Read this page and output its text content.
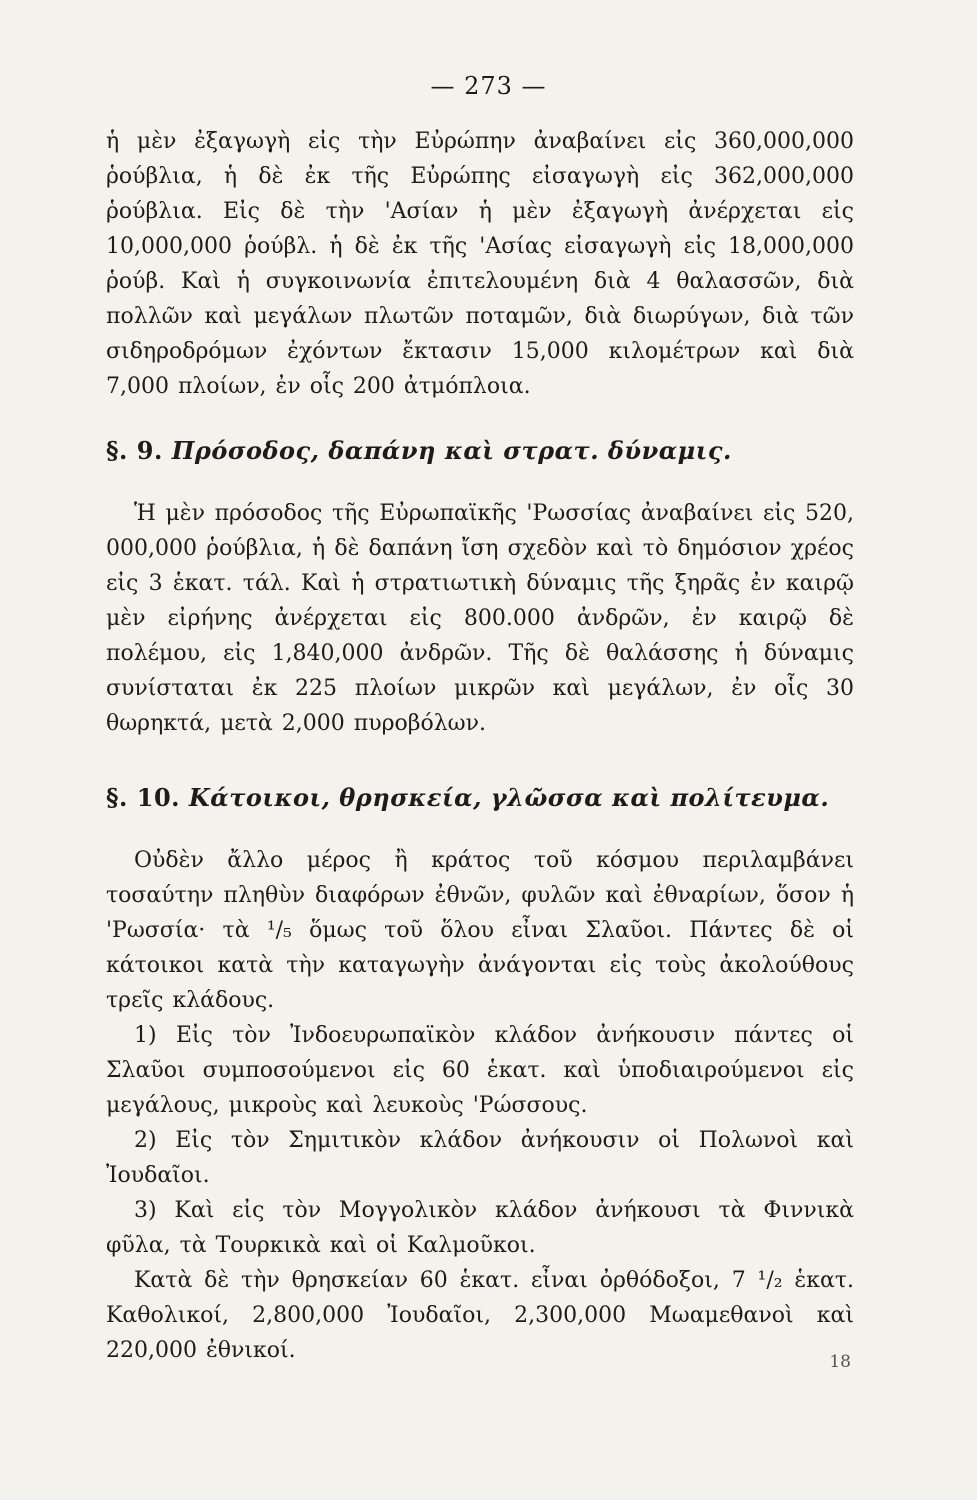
— 273 —

ἡ μὲν ἐξαγωγὴ εἰς τὴν Εὐρώπην ἀναβαίνει εἰς 360,000,000 ῥούβλια, ἡ δὲ ἐκ τῆς Εὐρώπης εἰσαγωγὴ εἰς 362,000,000 ῥούβλια. Εἰς δὲ τὴν 'Ασίαν ἡ μὲν ἐξαγωγὴ ἀνέρχεται εἰς 10,000,000 ῥούβλ. ἡ δὲ ἐκ τῆς 'Ασίας εἰσαγωγὴ εἰς 18,000,000 ῥούβ. Καὶ ἡ συγκοινωνία ἐπιτελουμένη διὰ 4 θαλασσῶν, διὰ πολλῶν καὶ μεγάλων πλωτῶν ποταμῶν, διὰ διωρύγων, διὰ τῶν σιδηροδρόμων ἐχόντων ἔκτασιν 15,000 κιλομέτρων καὶ διὰ 7,000 πλοίων, ἐν οἷς 200 ἀτμόπλοια.

§. 9. Πρόσοδος, δαπάνη καὶ στρατ. δύναμις.

Ἡ μὲν πρόσοδος τῆς Εὐρωπαϊκῆς 'Ρωσσίας ἀναβαίνει εἰς 520, 000,000 ῥούβλια, ἡ δὲ δαπάνη ἴση σχεδὸν καὶ τὸ δημόσιον χρέος εἰς 3 ἑκατ. τάλ. Καὶ ἡ στρατιωτικὴ δύναμις τῆς ξηρᾶς ἐν καιρῷ μὲν εἰρήνης ἀνέρχεται εἰς 800.000 ἀνδρῶν, ἐν καιρῷ δὲ πολέμου, εἰς 1,840,000 ἀνδρῶν. Τῆς δὲ θαλάσσης ἡ δύναμις συνίσταται ἐκ 225 πλοίων μικρῶν καὶ μεγάλων, ἐν οἷς 30 θωρηκτά, μετὰ 2,000 πυροβόλων.

§. 10. Κάτοικοι, θρησκεία, γλῶσσα καὶ πολίτευμα.

Οὐδὲν ἄλλο μέρος ἢ κράτος τοῦ κόσμου περιλαμβάνει τοσαύτην πληθὺν διαφόρων ἐθνῶν, φυλῶν καὶ ἐθναρίων, ὅσον ἡ 'Ρωσσία· τὰ ¹/₅ ὅμως τοῦ ὅλου εἶναι Σλαῦοι. Πάντες δὲ οἱ κάτοικοι κατὰ τὴν καταγωγὴν ἀνάγονται εἰς τοὺς ἀκολούθους τρεῖς κλάδους.

1) Εἰς τὸν Ἰνδοευρωπαϊκὸν κλάδον ἀνήκουσιν πάντες οἱ Σλαῦοι συμποσούμενοι εἰς 60 ἑκατ. καὶ ὑποδιαιρούμενοι εἰς μεγάλους, μικροὺς καὶ λευκοὺς 'Ρώσσους.

2) Εἰς τὸν Σημιτικὸν κλάδον ἀνήκουσιν οἱ Πολωνοὶ καὶ Ἰουδαῖοι.

3) Καὶ εἰς τὸν Μογγολικὸν κλάδον ἀνήκουσι τὰ Φιννικὰ φῦλα, τὰ Τουρκικὰ καὶ οἱ Καλμοῦκοι.

Κατὰ δὲ τὴν θρησκείαν 60 ἑκατ. εἶναι ὀρθόδοξοι, 7 ¹/₂ ἑκατ. Καθολικοί, 2,800,000 Ἰουδαῖοι, 2,300,000 Μωαμεθανοὶ καὶ 220,000 ἐθνικοί.	18
